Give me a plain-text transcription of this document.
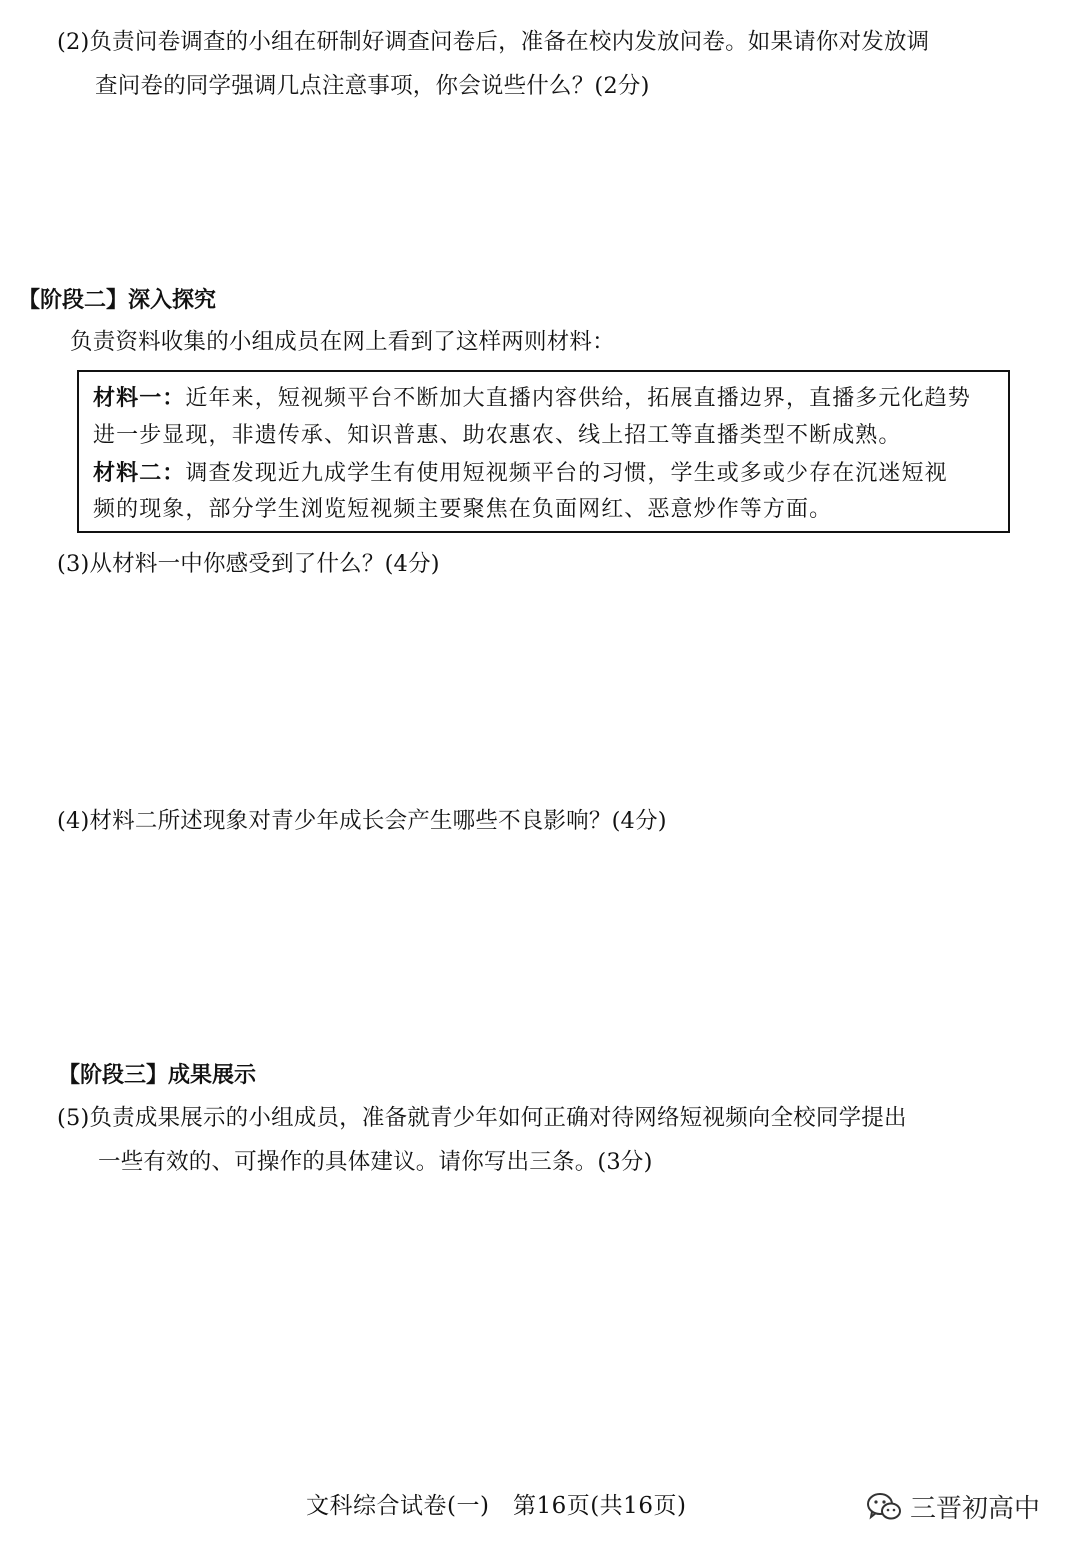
(2)负责问卷调查的小组在研制好调查问卷后，准备在校内发放问卷。如果请你对发放调
查问卷的同学强调几点注意事项，你会说些什么？(2分)
【阶段二】深入探究
负责资料收集的小组成员在网上看到了这样两则材料：
材料一：近年来，短视频平台不断加大直播内容供给，拓展直播边界，直播多元化趋势
进一步显现，非遗传承、知识普惠、助农惠农、线上招工等直播类型不断成熟。
材料二：调查发现近九成学生有使用短视频平台的习惯，学生或多或少存在沉迷短视
频的现象，部分学生浏览短视频主要聚焦在负面网红、恶意炒作等方面。
(3)从材料一中你感受到了什么？(4分)
(4)材料二所述现象对青少年成长会产生哪些不良影响？(4分)
【阶段三】成果展示
(5)负责成果展示的小组成员，准备就青少年如何正确对待网络短视频向全校同学提出
一些有效的、可操作的具体建议。请你写出三条。(3分)
文科综合试卷(一)　第16页(共16页)	三晋初高中
